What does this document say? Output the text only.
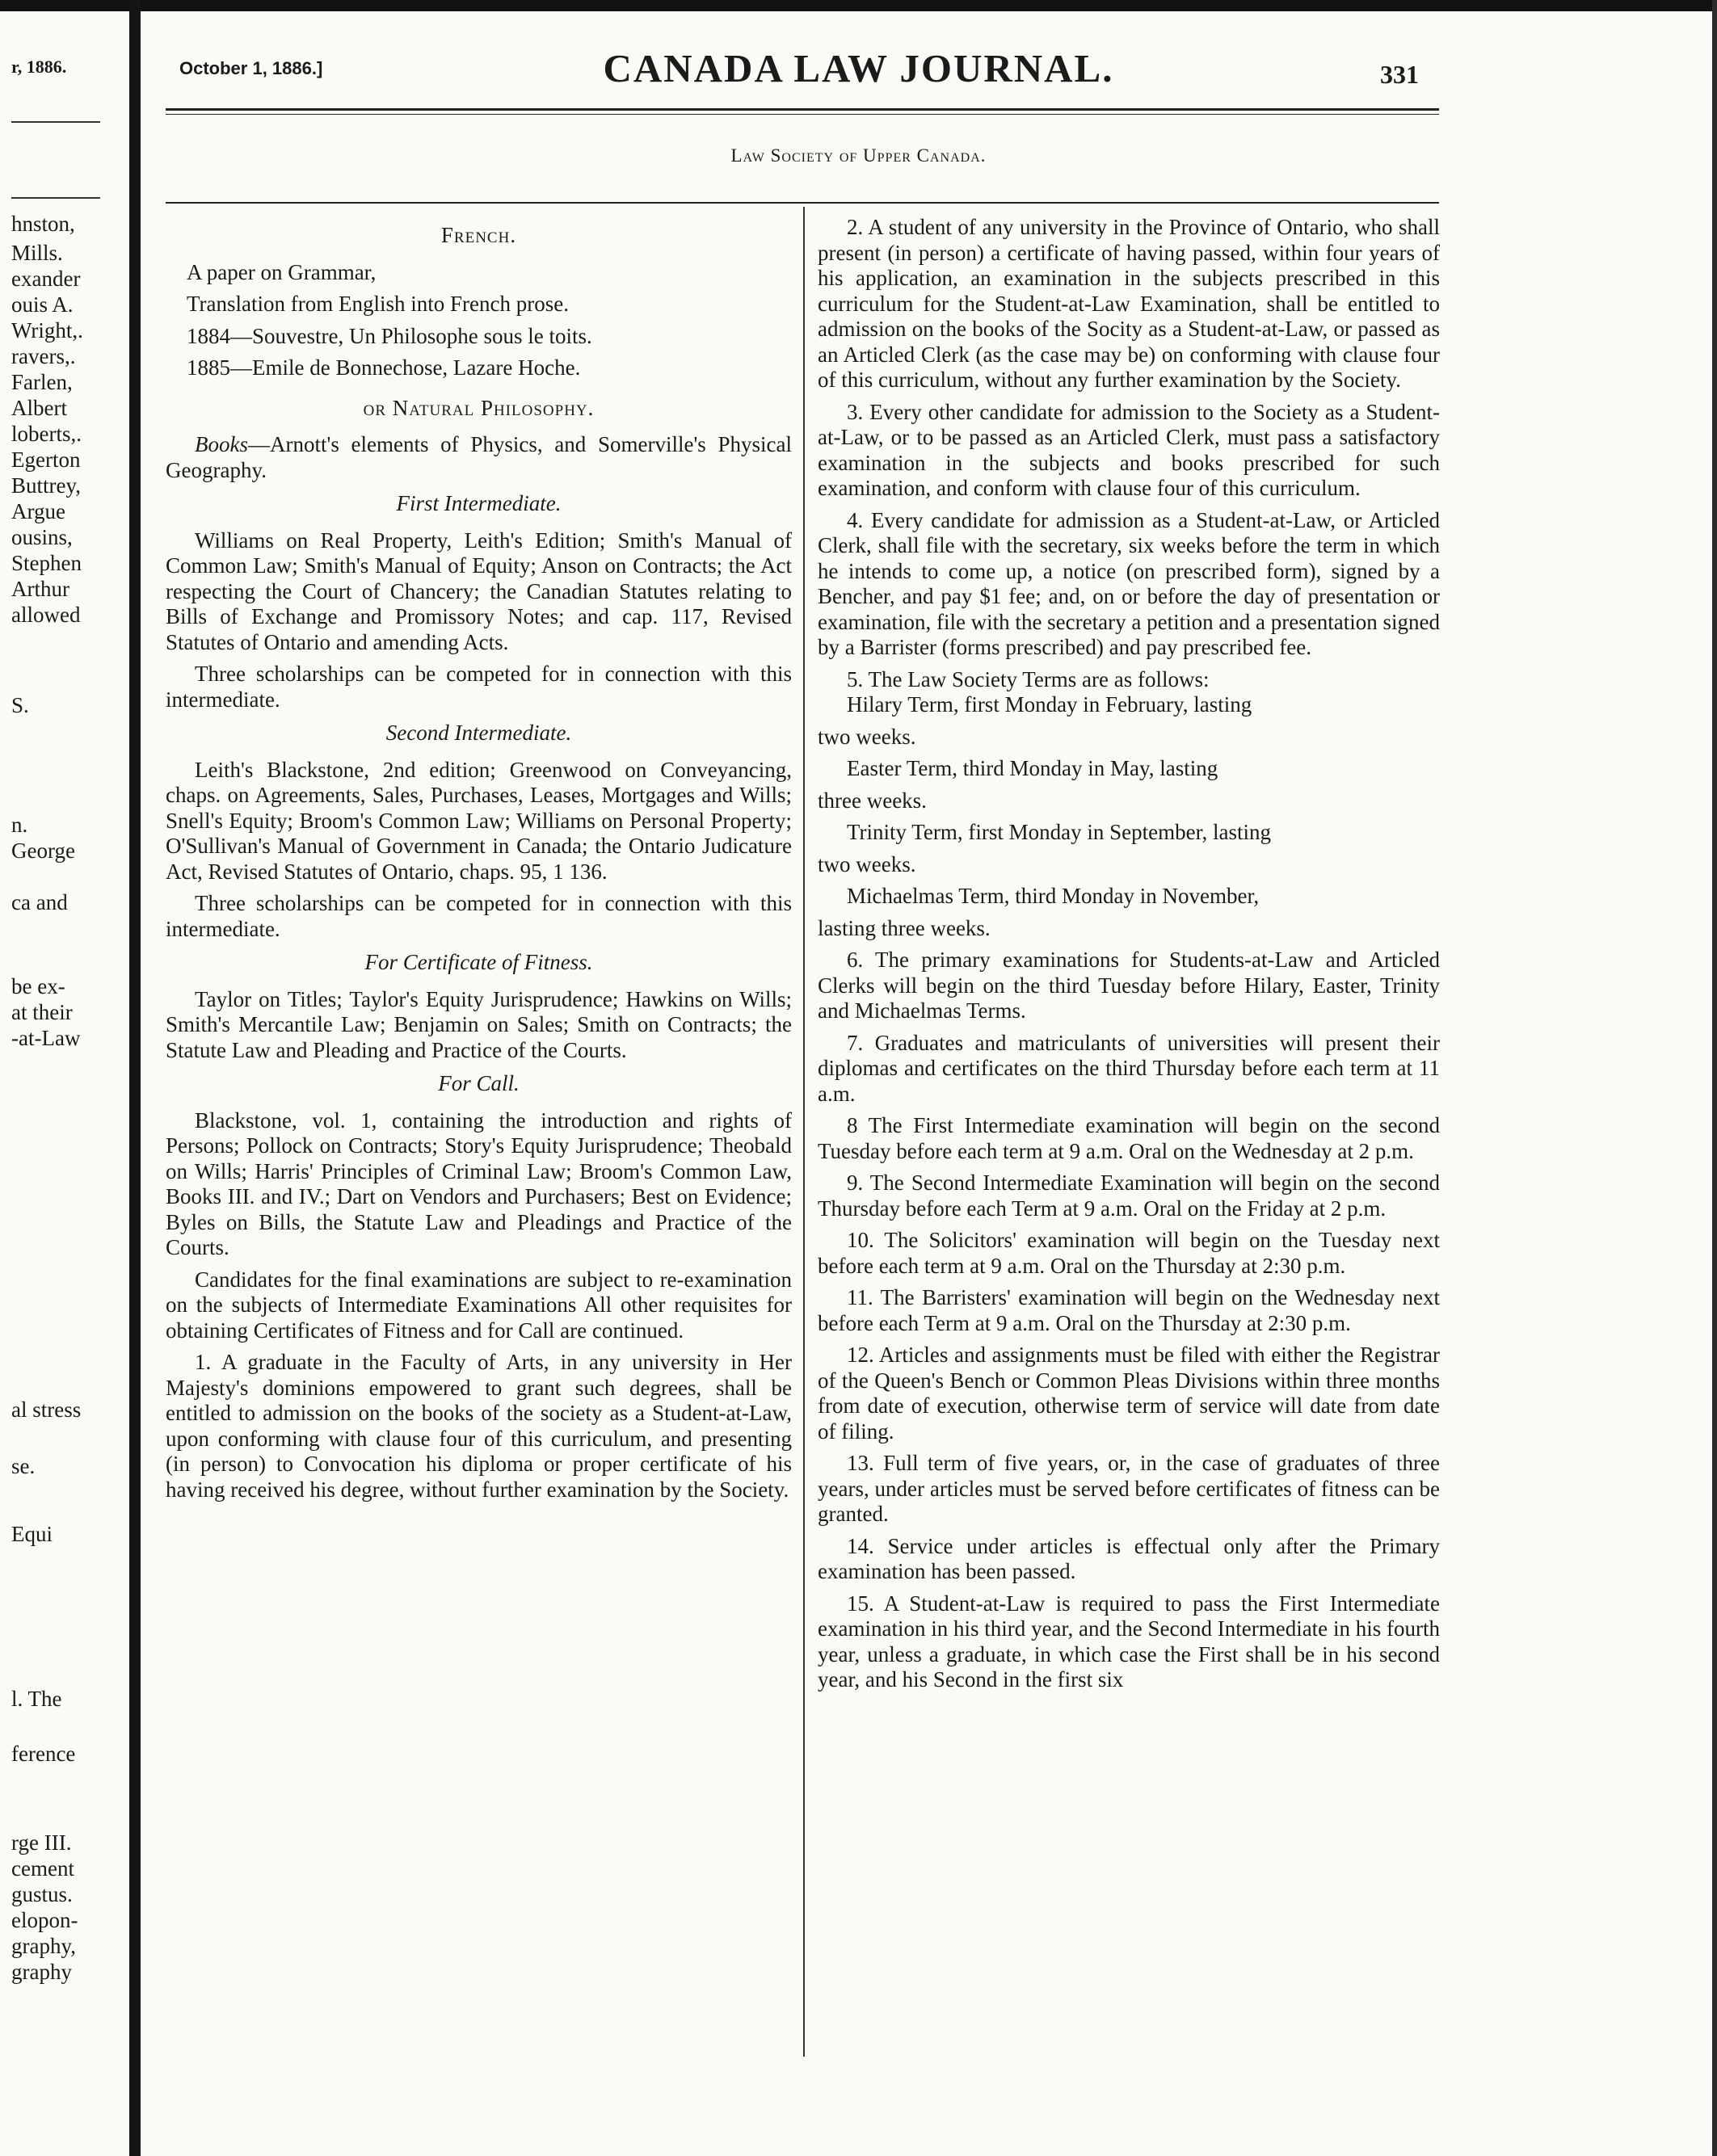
r, 1886.
hnston,
Mills.
exander
ouis A.
Wright,.
ravers,.
Farlen,
Albert
loberts,.
Egerton
Buttrey,
Argue
ousins,
Stephen
Arthur
allowed
S.
n.
George
ca and
be ex-
at their
-at-Law
al stress
se.
Equi
l. The
ference
rge III.
cement
gustus.
elopon-
graphy,
graphy
October 1, 1886.]	CANADA LAW JOURNAL.	331
Law Society of Upper Canada.

French.

A paper on Grammar,

Translation from English into French prose.

1884—Souvestre, Un Philosophe sous le toits.

1885—Emile de Bonnechose, Lazare Hoche.

or Natural Philosophy.

Books—Arnott's elements of Physics, and Somerville's Physical Geography.

First Intermediate.

Williams on Real Property, Leith's Edition; Smith's Manual of Common Law; Smith's Manual of Equity; Anson on Contracts; the Act respecting the Court of Chancery; the Canadian Statutes relating to Bills of Exchange and Promissory Notes; and cap. 117, Revised Statutes of Ontario and amending Acts.

Three scholarships can be competed for in connection with this intermediate.

Second Intermediate.

Leith's Blackstone, 2nd edition; Greenwood on Conveyancing, chaps. on Agreements, Sales, Purchases, Leases, Mortgages and Wills; Snell's Equity; Broom's Common Law; Williams on Personal Property; O'Sullivan's Manual of Government in Canada; the Ontario Judicature Act, Revised Statutes of Ontario, chaps. 95, 1 136.

Three scholarships can be competed for in connection with this intermediate.

For Certificate of Fitness.

Taylor on Titles; Taylor's Equity Jurisprudence; Hawkins on Wills; Smith's Mercantile Law; Benjamin on Sales; Smith on Contracts; the Statute Law and Pleading and Practice of the Courts.

For Call.

Blackstone, vol. 1, containing the introduction and rights of Persons; Pollock on Contracts; Story's Equity Jurisprudence; Theobald on Wills; Harris' Principles of Criminal Law; Broom's Common Law, Books III. and IV.; Dart on Vendors and Purchasers; Best on Evidence; Byles on Bills, the Statute Law and Pleadings and Practice of the Courts.

Candidates for the final examinations are subject to re-examination on the subjects of Intermediate Examinations All other requisites for obtaining Certificates of Fitness and for Call are continued.

1. A graduate in the Faculty of Arts, in any university in Her Majesty's dominions empowered to grant such degrees, shall be entitled to admission on the books of the society as a Student-at-Law, upon conforming with clause four of this curriculum, and presenting (in person) to Convocation his diploma or proper certificate of his having received his degree, without further examination by the Society.

2. A student of any university in the Province of Ontario, who shall present (in person) a certificate of having passed, within four years of his application, an examination in the subjects prescribed in this curriculum for the Student-at-Law Examination, shall be entitled to admission on the books of the Socity as a Student-at-Law, or passed as an Articled Clerk (as the case may be) on conforming with clause four of this curriculum, without any further examination by the Society.

3. Every other candidate for admission to the Society as a Student-at-Law, or to be passed as an Articled Clerk, must pass a satisfactory examination in the subjects and books prescribed for such examination, and conform with clause four of this curriculum.

4. Every candidate for admission as a Student-at-Law, or Articled Clerk, shall file with the secretary, six weeks before the term in which he intends to come up, a notice (on prescribed form), signed by a Bencher, and pay $1 fee; and, on or before the day of presentation or examination, file with the secretary a petition and a presentation signed by a Barrister (forms prescribed) and pay prescribed fee.

5. The Law Society Terms are as follows:

Hilary Term, first Monday in February, lasting

two weeks.

Easter Term, third Monday in May, lasting

three weeks.

Trinity Term, first Monday in September, lasting

two weeks.

Michaelmas Term, third Monday in November,

lasting three weeks.

6. The primary examinations for Students-at-Law and Articled Clerks will begin on the third Tuesday before Hilary, Easter, Trinity and Michaelmas Terms.

7. Graduates and matriculants of universities will present their diplomas and certificates on the third Thursday before each term at 11 a.m.

8 The First Intermediate examination will begin on the second Tuesday before each term at 9 a.m. Oral on the Wednesday at 2 p.m.

9. The Second Intermediate Examination will begin on the second Thursday before each Term at 9 a.m. Oral on the Friday at 2 p.m.

10. The Solicitors' examination will begin on the Tuesday next before each term at 9 a.m. Oral on the Thursday at 2:30 p.m.

11. The Barristers' examination will begin on the Wednesday next before each Term at 9 a.m. Oral on the Thursday at 2:30 p.m.

12. Articles and assignments must be filed with either the Registrar of the Queen's Bench or Common Pleas Divisions within three months from date of execution, otherwise term of service will date from date of filing.

13. Full term of five years, or, in the case of graduates of three years, under articles must be served before certificates of fitness can be granted.

14. Service under articles is effectual only after the Primary examination has been passed.

15. A Student-at-Law is required to pass the First Intermediate examination in his third year, and the Second Intermediate in his fourth year, unless a graduate, in which case the First shall be in his second year, and his Second in the first six
